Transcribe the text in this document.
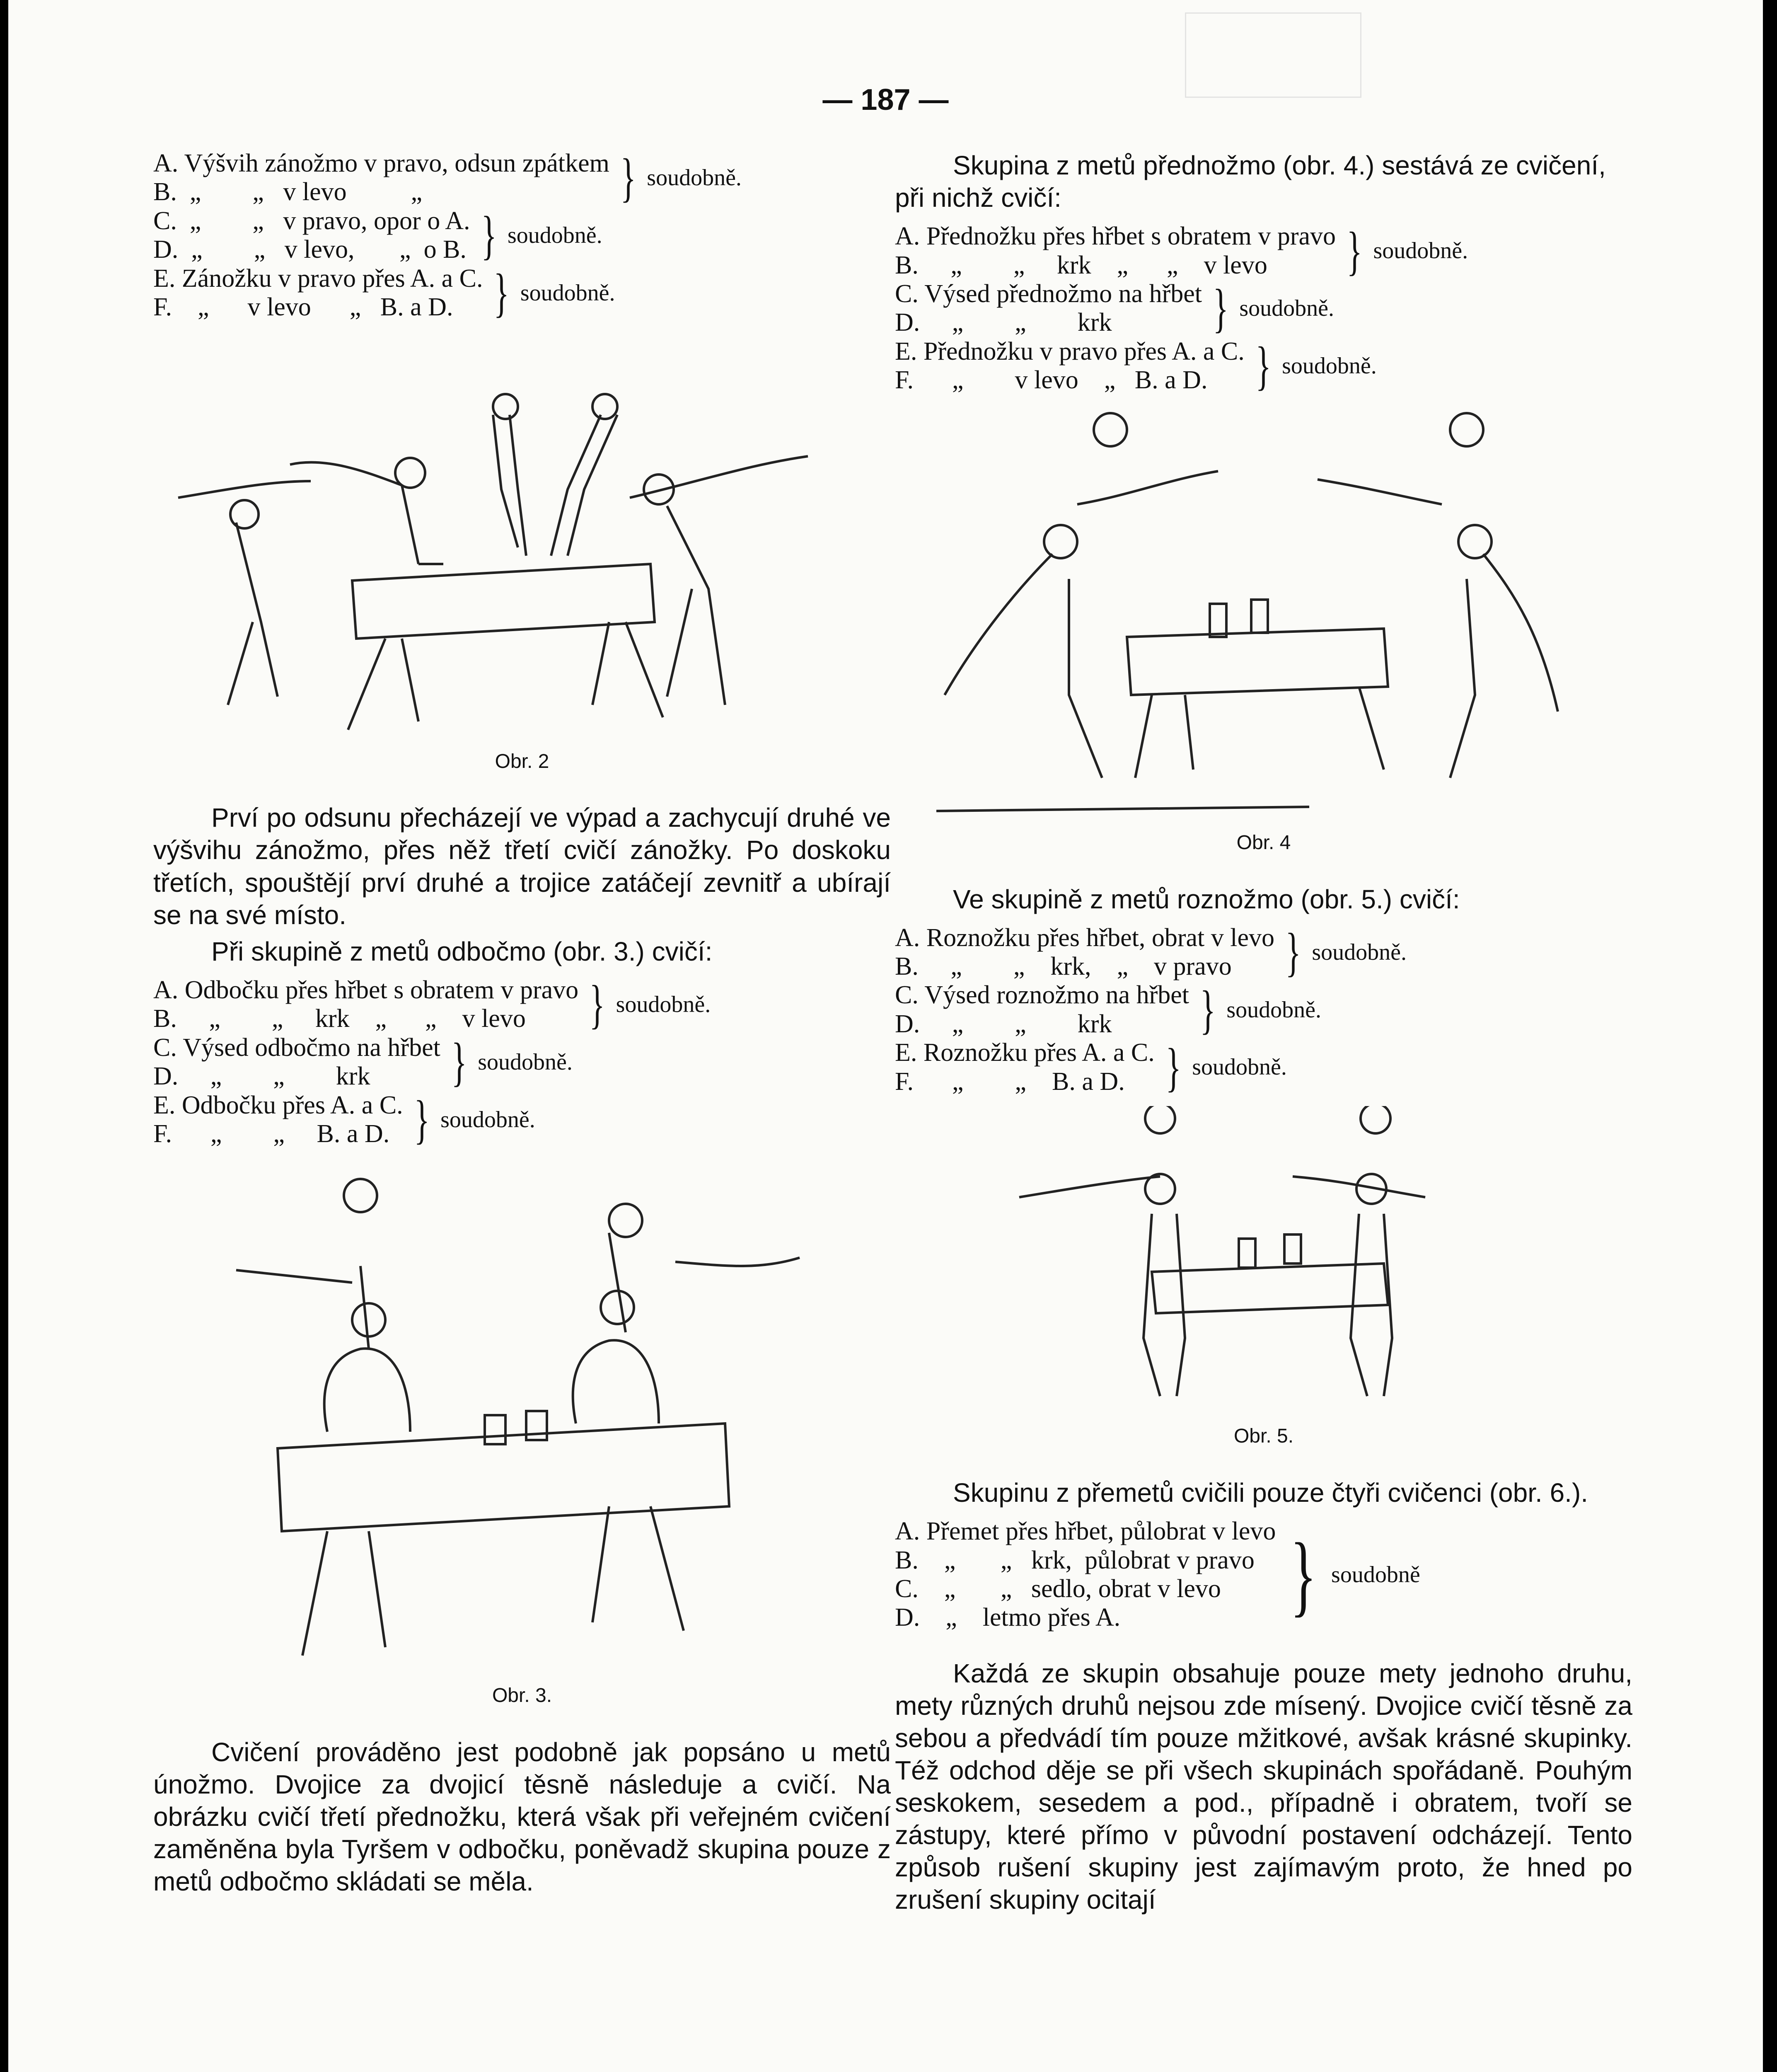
— 187 —
A. Výšvih zánožmo v pravo, odsun zpátkem
B.  „        „   v levo          „	} soudobně.
C.  „        „   v pravo, opor o A.
D.  „        „   v levo,       „  o B. } soudobně.
E. Zánožku v pravo přes A. a C.
F.    „      v levo      „   B. a D. } soudobně.
Obr. 2

Prví po odsunu přecházejí ve výpad a zachycují druhé ve výšvihu zánožmo, přes něž třetí cvičí zánožky. Po doskoku třetích, spouštějí prví druhé a trojice zatáčejí zevnitř a ubírají se na své místo.

Při skupině z metů odbočmo (obr. 3.) cvičí:

A. Odbočku přes hřbet s obratem v pravo
B.     „        „     krk    „      „    v levo	} soudobně.
C. Výsed odbočmo na hřbet
D.     „        „        krk	} soudobně.
E. Odbočku přes A. a C.
F.      „        „     B. a D. } soudobně.
Obr. 3.

Cvičení prováděno jest podobně jak popsáno u metů únožmo. Dvojice za dvojicí těsně následuje a cvičí. Na obrázku cvičí třetí přednožku, která však při veřejném cvičení zaměněna byla Tyršem v odbočku, poněvadž skupina pouze z metů odbočmo skládati se měla.

Skupina z metů přednožmo (obr. 4.) sestává ze cvičení, při nichž cvičí:

A. Přednožku přes hřbet s obratem v pravo
B.     „        „     krk    „      „    v levo	} soudobně.
C. Výsed přednožmo na hřbet
D.     „        „        krk	} soudobně.
E. Přednožku v pravo přes A. a C.
F.      „        v levo    „   B. a D. } soudobně.
Obr. 4

Ve skupině z metů roznožmo (obr. 5.) cvičí:

A. Roznožku přes hřbet, obrat v levo
B.     „        „    krk,    „    v pravo } soudobně.
C. Výsed roznožmo na hřbet
D.     „        „        krk	} soudobně.
E. Roznožku přes A. a C.
F.      „        „    B. a D. } soudobně.
Obr. 5.

Skupinu z přemetů cvičili pouze čtyři cvičenci (obr. 6.).

A. Přemet přes hřbet, půlobrat v levo
B.    „       „   krk,  půlobrat v pravo
C.    „       „   sedlo, obrat v levo
D.    „    letmo přes A.	} soudobně

Každá ze skupin obsahuje pouze mety jednoho druhu, mety různých druhů nejsou zde mísený. Dvojice cvičí těsně za sebou a předvádí tím pouze mžitkové, avšak krásné skupinky. Též odchod děje se při všech skupinách spořádaně. Pouhým seskokem, sesedem a pod., případně i obratem, tvoří se zástupy, které přímo v původní postavení odcházejí. Tento způsob rušení skupiny jest zajímavým proto, že hned po zrušení skupiny ocitají
